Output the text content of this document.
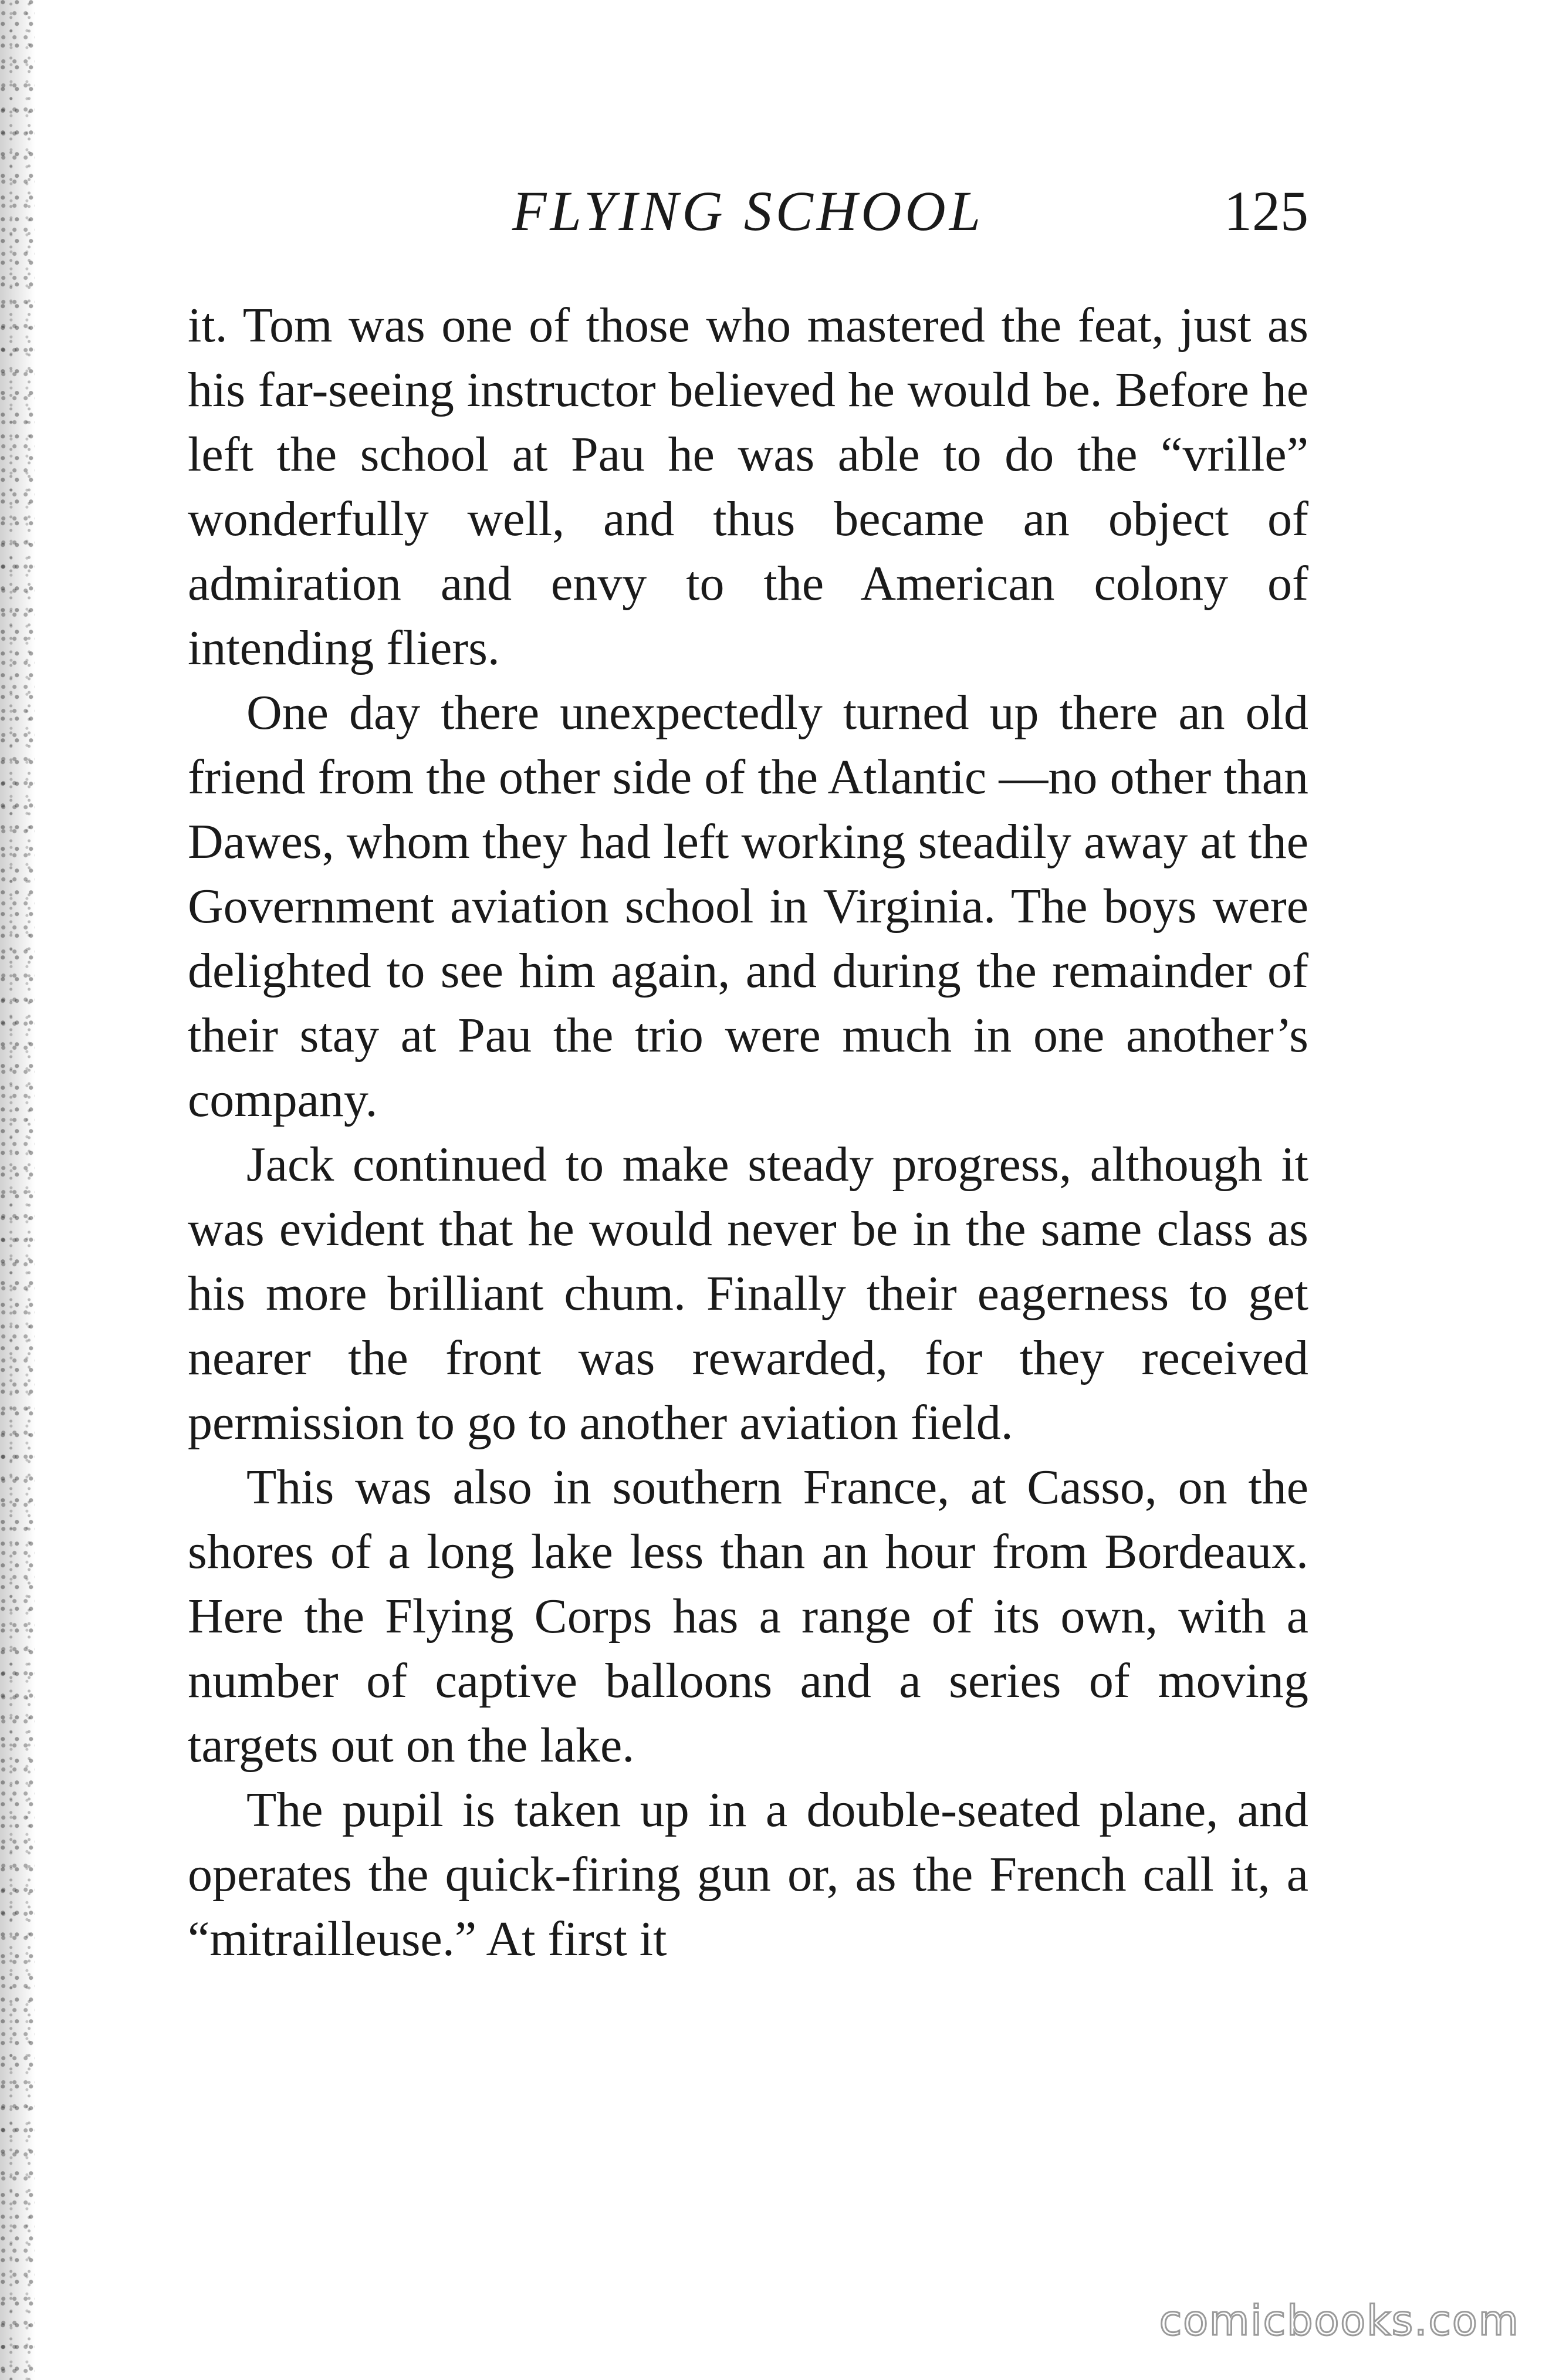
FLYING SCHOOL	125

it. Tom was one of those who mastered the feat, just as his far-seeing instructor believed he would be. Before he left the school at Pau he was able to do the “vrille” wonderfully well, and thus became an object of admiration and envy to the American colony of intending fliers.

One day there unexpectedly turned up there an old friend from the other side of the Atlantic —no other than Dawes, whom they had left working steadily away at the Government aviation school in Virginia. The boys were delighted to see him again, and during the remainder of their stay at Pau the trio were much in one another’s company.

Jack continued to make steady progress, although it was evident that he would never be in the same class as his more brilliant chum. Finally their eagerness to get nearer the front was rewarded, for they received permission to go to another aviation field.

This was also in southern France, at Casso, on the shores of a long lake less than an hour from Bordeaux. Here the Flying Corps has a range of its own, with a number of captive balloons and a series of moving targets out on the lake.

The pupil is taken up in a double-seated plane, and operates the quick-firing gun or, as the French call it, a “mitrailleuse.” At first it

comicbooks.com
